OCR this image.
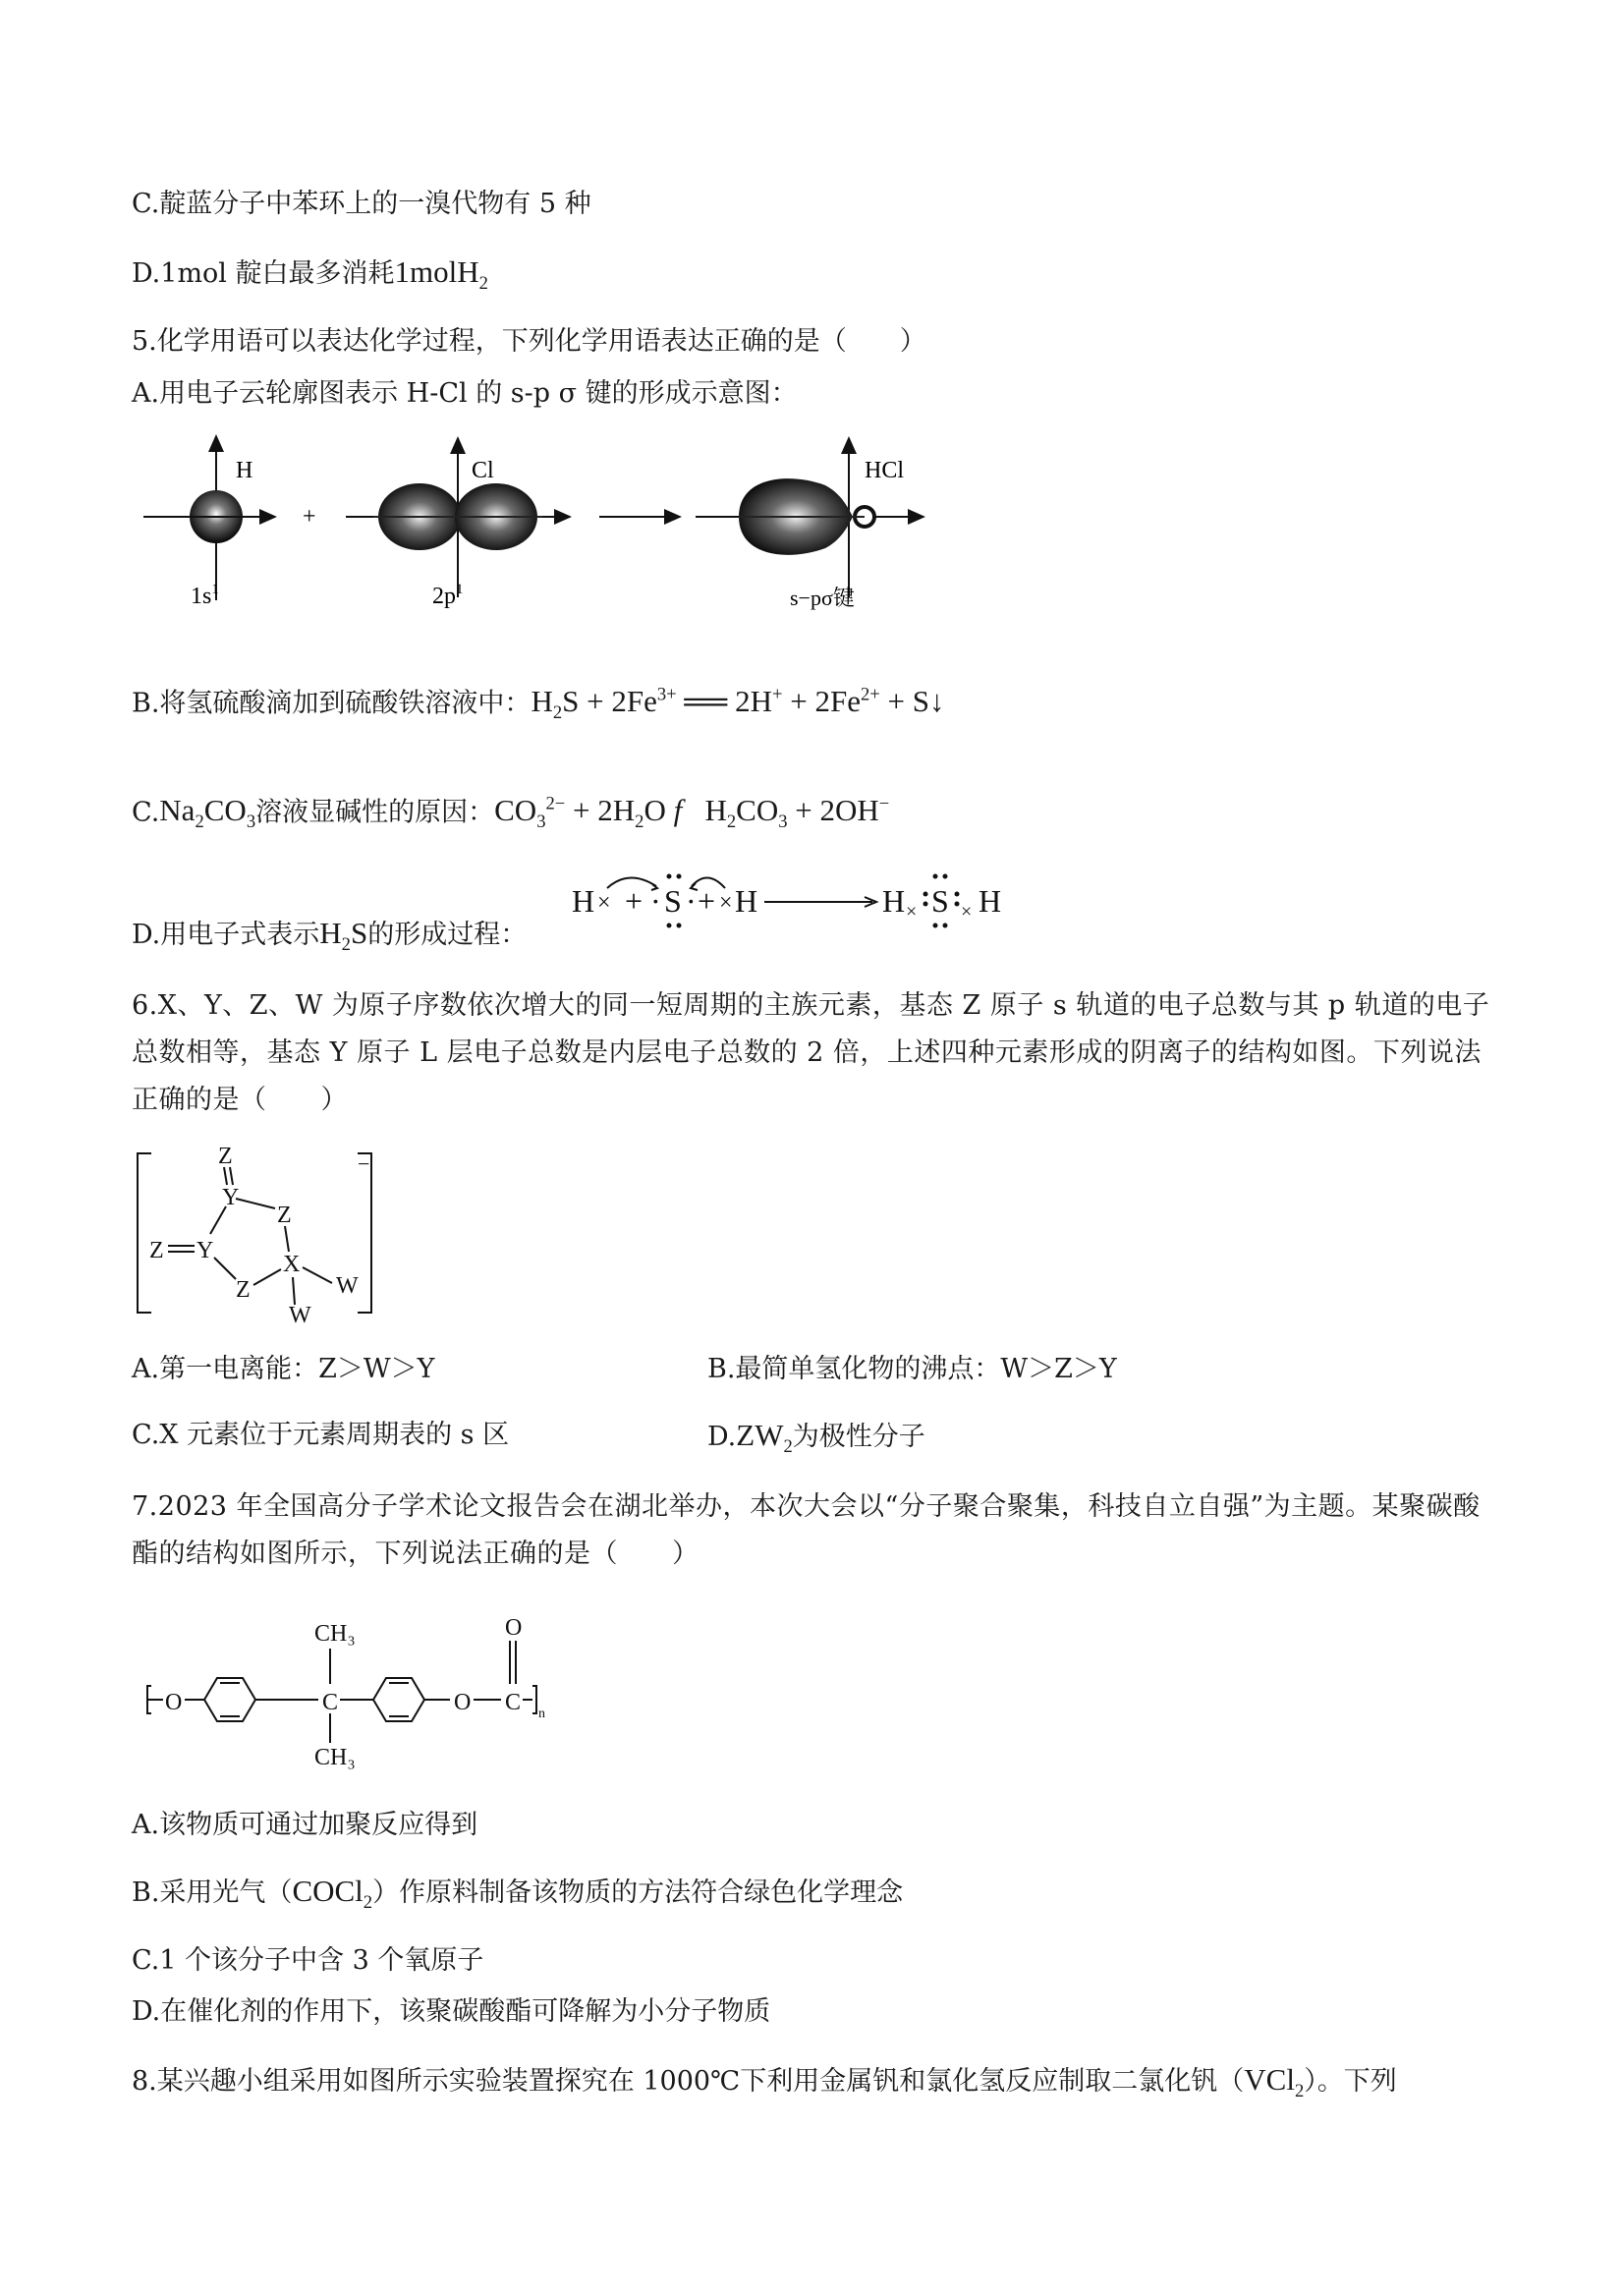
C.靛蓝分子中苯环上的一溴代物有 5 种
D.1mol 靛白最多消耗1molH$_2$
5.化学用语可以表达化学过程，下列化学用语表达正确的是（　　）
A.用电子云轮廓图表示 H-Cl 的 s-p σ 键的形成示意图：
H
$1s^1$
+
Cl
$2p^1$
HCl
s−pσ键
B.将氢硫酸滴加到硫酸铁溶液中：$H_2S + 2Fe^{3+}$ ══ $2H^+ + 2Fe^{2+}$ + S↓
$C.Na_2CO_3$溶液显碱性的原因：$CO_3^{2-} + 2H_2O$ f   $H_2CO_3 + 2OH^-$
D.用电子式表示$H_2S$的形成过程：
H × + · S · + × H	H × S × H
6.X、Y、Z、W 为原子序数依次增大的同一短周期的主族元素，基态 Z 原子 s 轨道的电子总数与其 p 轨道的电子总数相等，基态 Y 原子 L 层电子总数是内层电子总数的 2 倍，上述四种元素形成的阴离子的结构如图。下列说法正确的是（　　）
Z
Y
Z
Z Y
X
W
Z
W
−
A.第一电离能：Z＞W＞Y	B.最简单氢化物的沸点：W＞Z＞Y
C.X 元素位于元素周期表的 s 区	$D.ZW_2$为极性分子
7.2023 年全国高分子学术论文报告会在湖北举办，本次大会以“分子聚合聚集，科技自立自强”为主题。某聚碳酸酯的结构如图所示，下列说法正确的是（　　）
CH₃
CH₃
O
O	C	O C n
A.该物质可通过加聚反应得到
B.采用光气（COCl$_2$）作原料制备该物质的方法符合绿色化学理念
C.1 个该分子中含 3 个氧原子
D.在催化剂的作用下，该聚碳酸酯可降解为小分子物质
8.某兴趣小组采用如图所示实验装置探究在 1000℃下利用金属钒和氯化氢反应制取二氯化钒（VCl$_2$）。下列
